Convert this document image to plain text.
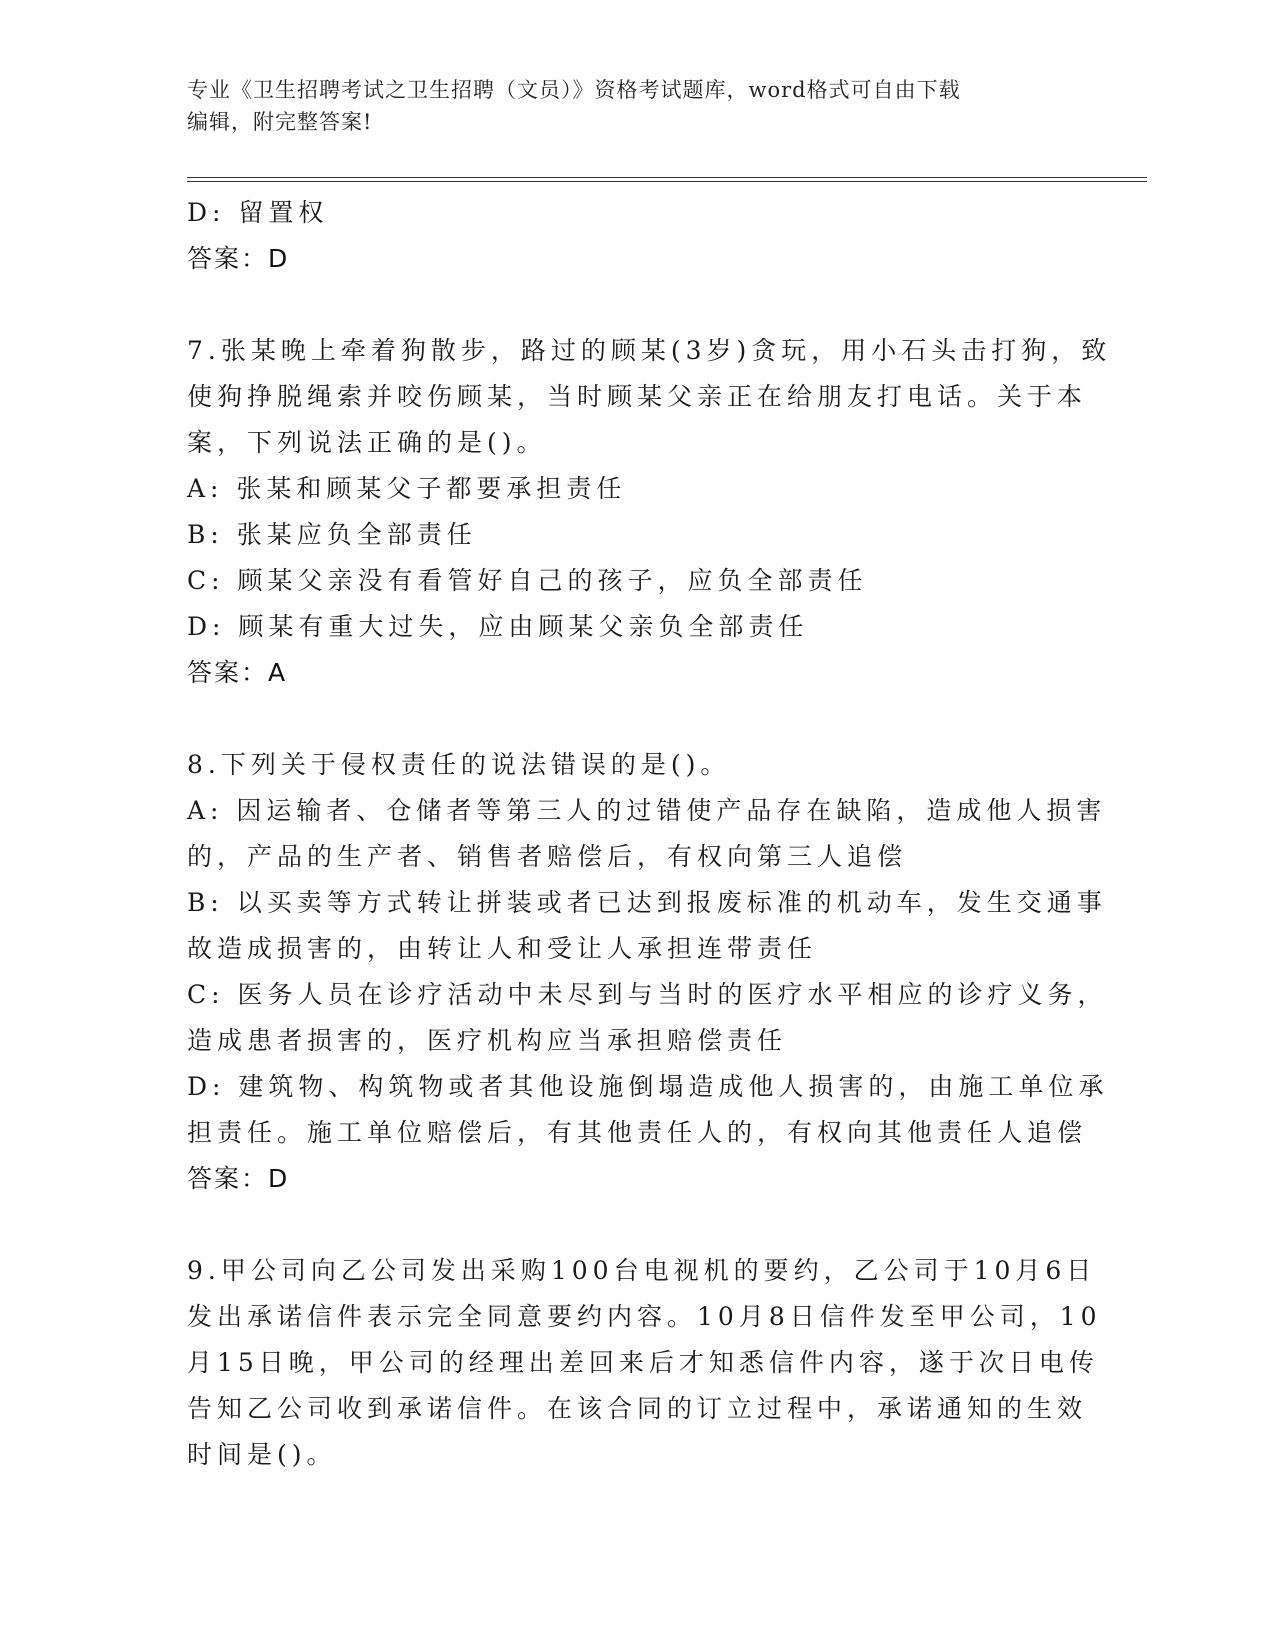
专业《卫生招聘考试之卫生招聘（文员）》资格考试题库，word格式可自由下载
编辑，附完整答案!
D: 留置权
答案：D
7.张某晚上牵着狗散步，路过的顾某(3岁)贪玩，用小石头击打狗，致
使狗挣脱绳索并咬伤顾某，当时顾某父亲正在给朋友打电话。关于本
案，下列说法正确的是()。
A: 张某和顾某父子都要承担责任
B: 张某应负全部责任
C: 顾某父亲没有看管好自己的孩子，应负全部责任
D: 顾某有重大过失，应由顾某父亲负全部责任
答案：A
8.下列关于侵权责任的说法错误的是()。
A: 因运输者、仓储者等第三人的过错使产品存在缺陷，造成他人损害
的，产品的生产者、销售者赔偿后，有权向第三人追偿
B: 以买卖等方式转让拼装或者已达到报废标准的机动车，发生交通事
故造成损害的，由转让人和受让人承担连带责任
C: 医务人员在诊疗活动中未尽到与当时的医疗水平相应的诊疗义务，
造成患者损害的，医疗机构应当承担赔偿责任
D: 建筑物、构筑物或者其他设施倒塌造成他人损害的，由施工单位承
担责任。施工单位赔偿后，有其他责任人的，有权向其他责任人追偿
答案：D
9.甲公司向乙公司发出采购100台电视机的要约，乙公司于10月6日
发出承诺信件表示完全同意要约内容。10月8日信件发至甲公司，10
月15日晚，甲公司的经理出差回来后才知悉信件内容，遂于次日电传
告知乙公司收到承诺信件。在该合同的订立过程中，承诺通知的生效
时间是()。
